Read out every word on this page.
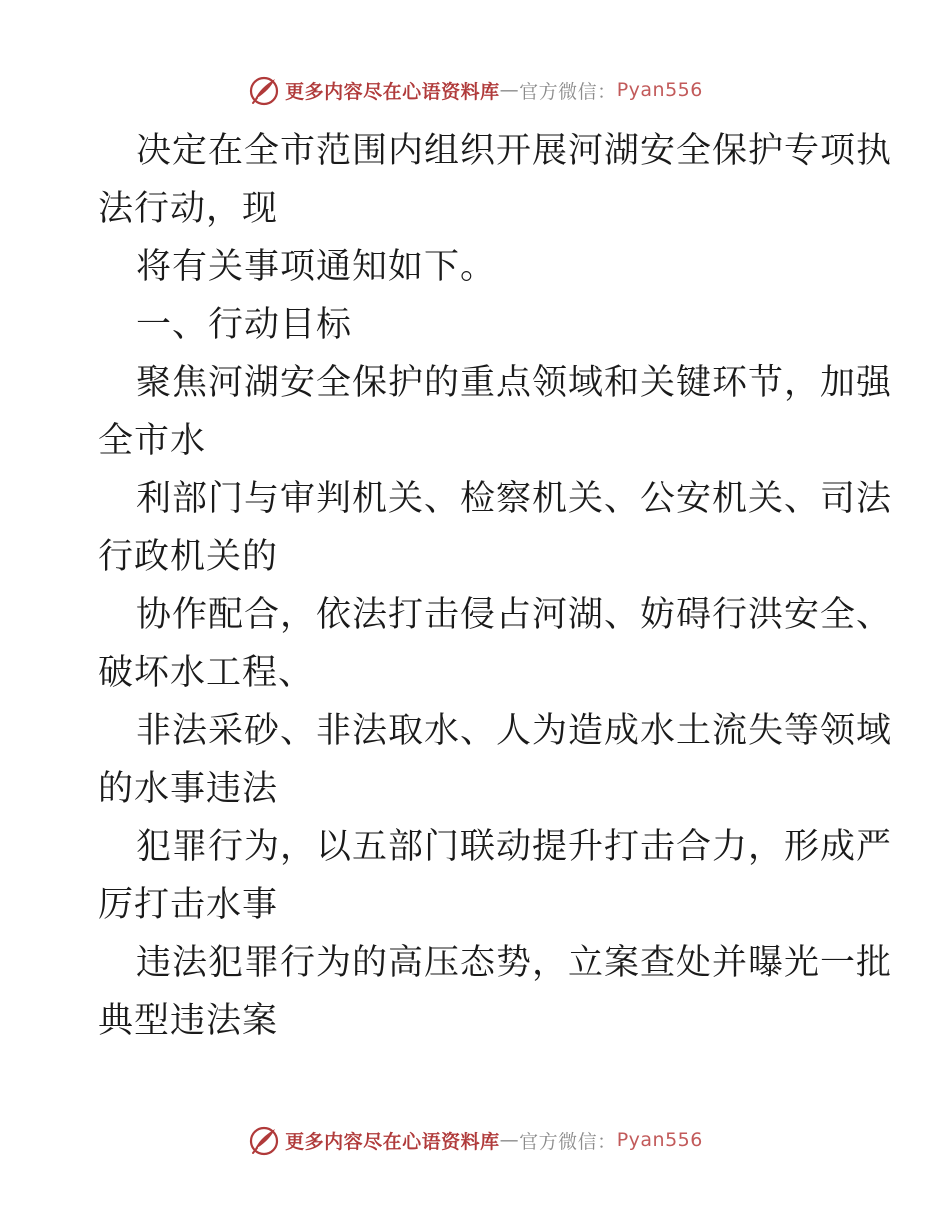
更多内容尽在心语资料库 — 官方微信： Pyan556
决定在全市范围内组织开展河湖安全保护专项执
法行动，现
将有关事项通知如下。
一、行动目标
聚焦河湖安全保护的重点领域和关键环节，加强
全市水
利部门与审判机关、检察机关、公安机关、司法
行政机关的
协作配合，依法打击侵占河湖、妨碍行洪安全、
破坏水工程、
非法采砂、非法取水、人为造成水土流失等领域
的水事违法
犯罪行为，以五部门联动提升打击合力，形成严
厉打击水事
违法犯罪行为的高压态势，立案查处并曝光一批
典型违法案
更多内容尽在心语资料库 — 官方微信： Pyan556
